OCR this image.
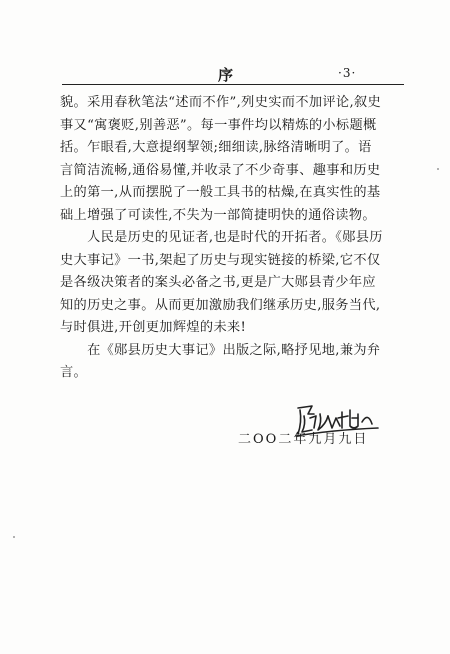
序	·3·
貌。采用春秋笔法“述而不作”,列史实而不加评论,叙史
事又“寓褒贬,别善恶”。每一事件均以精炼的小标题概
括。乍眼看,大意提纲挈领;细细读,脉络清晰明了。语
言简洁流畅,通俗易懂,并收录了不少奇事、趣事和历史
上的第一,从而摆脱了一般工具书的枯燥,在真实性的基
础上增强了可读性,不失为一部简捷明快的通俗读物。
　　人民是历史的见证者,也是时代的开拓者。《郧县历
史大事记》一书,架起了历史与现实链接的桥梁,它不仅
是各级决策者的案头必备之书,更是广大郧县青少年应
知的历史之事。从而更加激励我们继承历史,服务当代,
与时俱进,开创更加辉煌的未来!
　　在《郧县历史大事记》出版之际,略抒见地,兼为弁
言。
二OO二年九月九日
